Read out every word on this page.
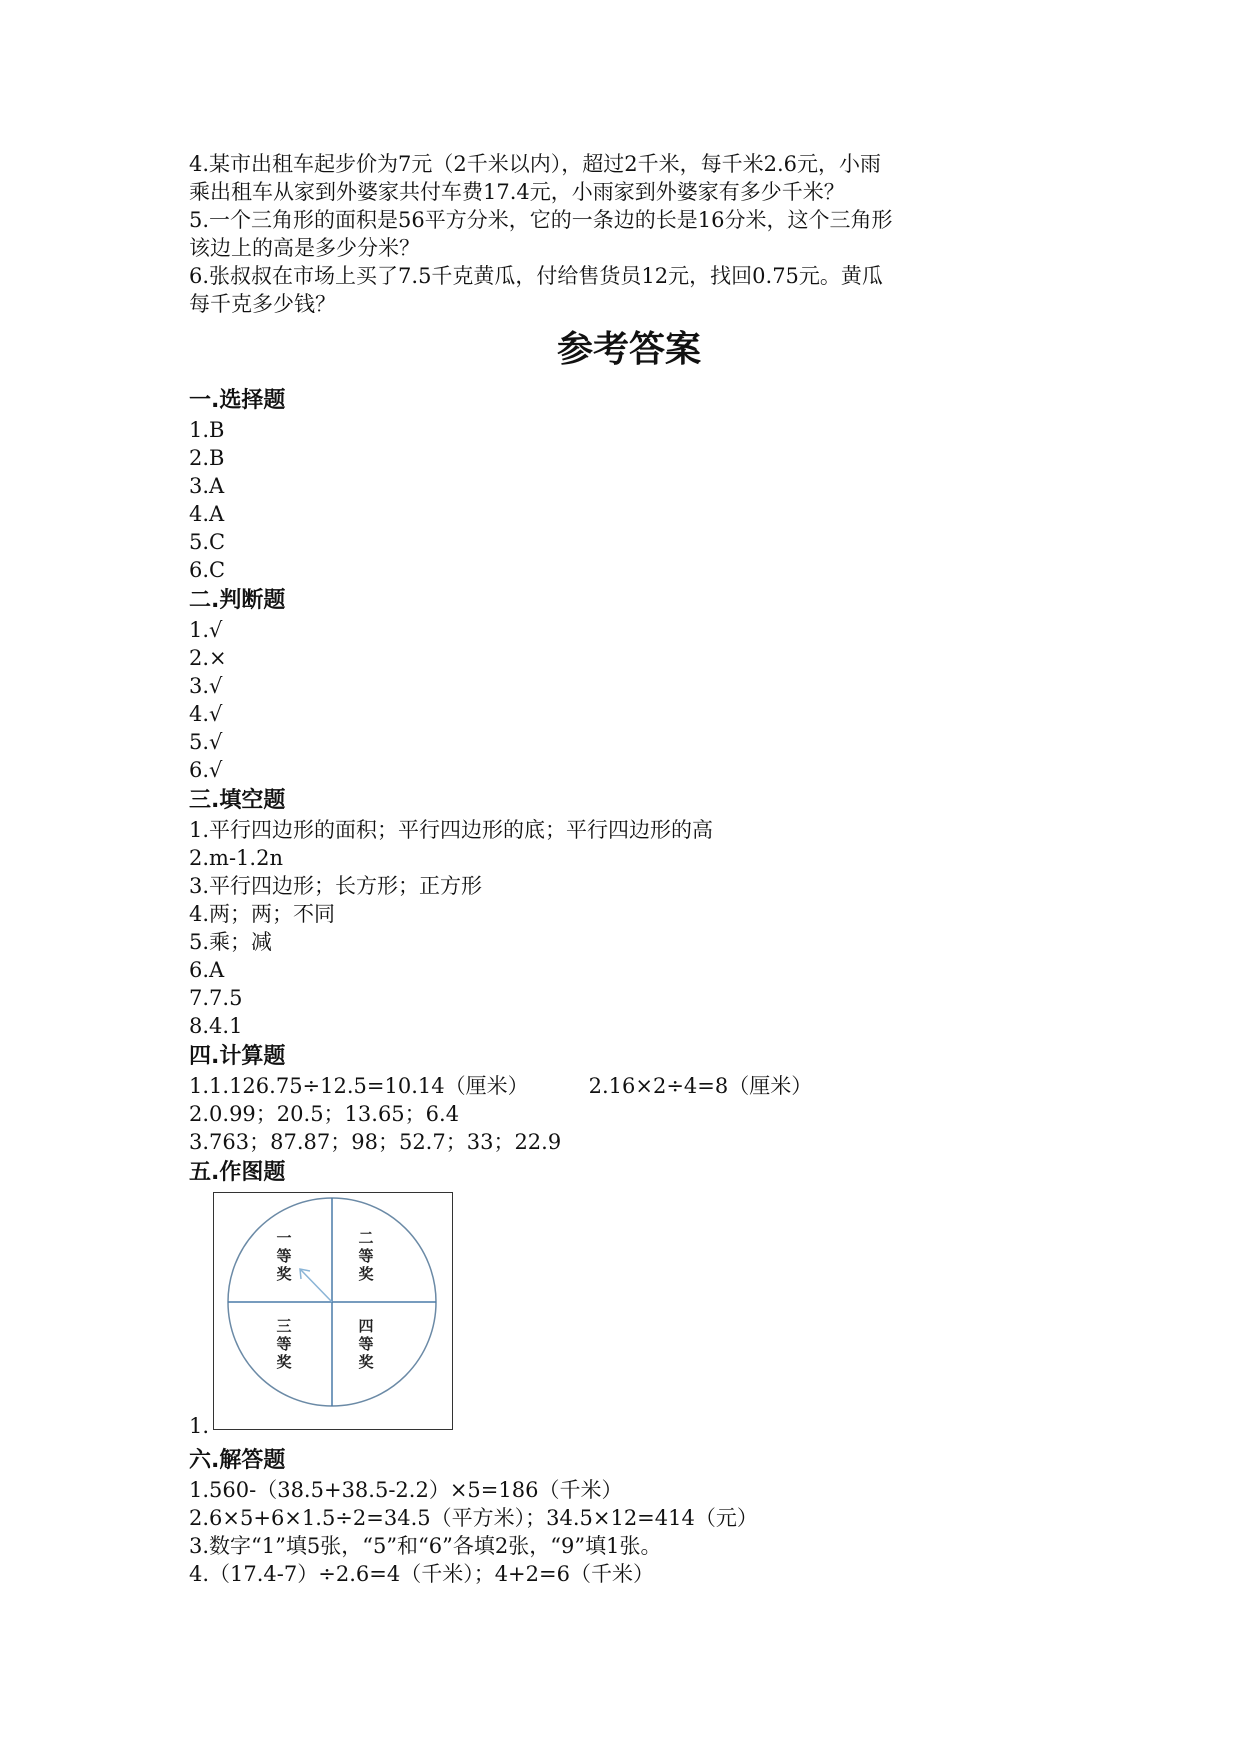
4.某市出租车起步价为7元（2千米以内），超过2千米，每千米2.6元，小雨

乘出租车从家到外婆家共付车费17.4元，小雨家到外婆家有多少千米？

5.一个三角形的面积是56平方分米，它的一条边的长是16分米，这个三角形

该边上的高是多少分米？

6.张叔叔在市场上买了7.5千克黄瓜，付给售货员12元，找回0.75元。黄瓜

每千克多少钱？

参考答案

一.选择题

1.B

2.B

3.A

4.A

5.C

6.C

二.判断题

1.√

2.×

3.√

4.√

5.√

6.√

三.填空题

1.平行四边形的面积；平行四边形的底；平行四边形的高

2.m-1.2n

3.平行四边形；长方形；正方形

4.两；两；不同

5.乘；减

6.A

7.7.5

8.4.1

四.计算题

1.1.126.75÷12.5=10.14（厘米）	2.16×2÷4=8（厘米）

2.0.99；20.5；13.65；6.4

3.763；87.87；98；52.7；33；22.9

五.作图题

1.
一
等
奖
二
等
奖
三
等
奖
四
等
奖

六.解答题

1.560-（38.5+38.5-2.2）×5=186（千米）

2.6×5+6×1.5÷2=34.5（平方米）；34.5×12=414（元）

3.数字“1”填5张，“5”和“6”各填2张，“9”填1张。

4.（17.4-7）÷2.6=4（千米）；4+2=6（千米）
